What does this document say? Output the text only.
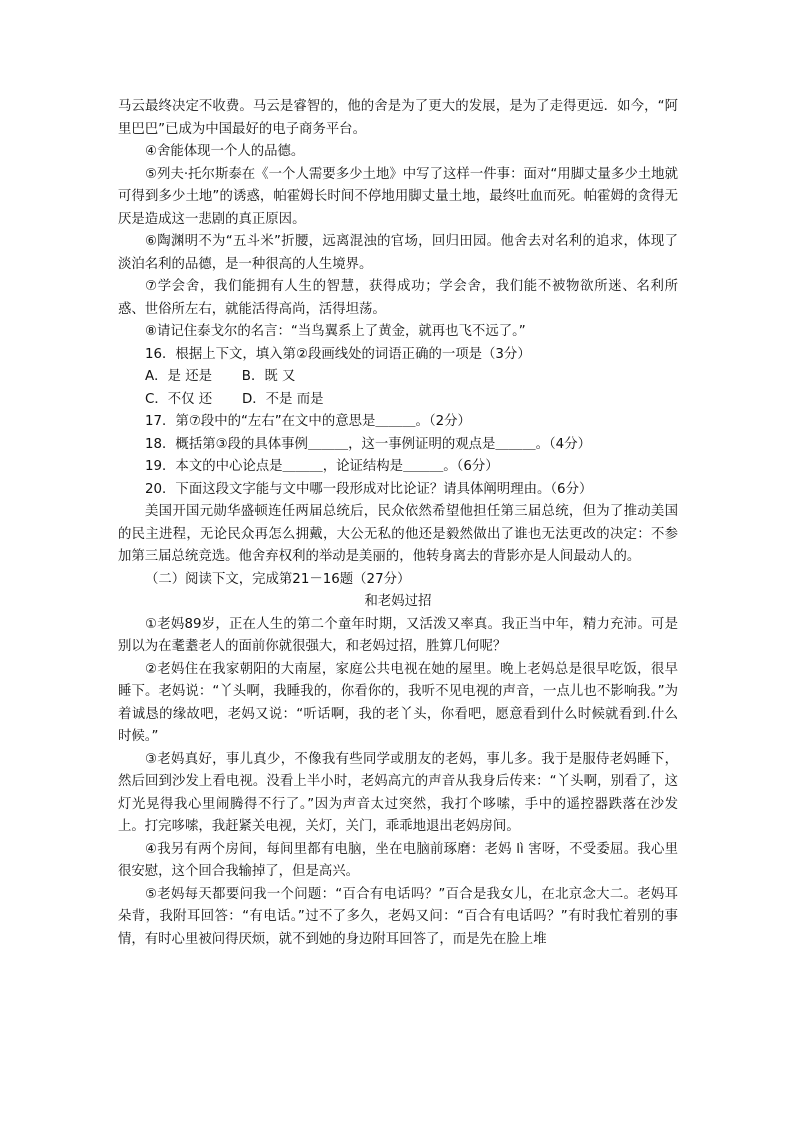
马云最终决定不收费。马云是睿智的，他的舍是为了更大的发展，是为了走得更远．如今，“阿里巴巴”已成为中国最好的电子商务平台。

④舍能体现一个人的品德。

⑤列夫·托尔斯泰在《一个人需要多少土地》中写了这样一件事：面对“用脚丈量多少土地就可得到多少土地”的诱惑，帕霍姆长时间不停地用脚丈量土地，最终吐血而死。帕霍姆的贪得无厌是造成这一悲剧的真正原因。

⑥陶渊明不为“五斗米”折腰，远离混浊的官场，回归田园。他舍去对名利的追求，体现了淡泊名利的品德，是一种很高的人生境界。

⑦学会舍，我们能拥有人生的智慧，获得成功；学会舍，我们能不被物欲所迷、名利所惑、世俗所左右，就能活得高尚，活得坦荡。

⑧请记住泰戈尔的名言：“当鸟翼系上了黄金，就再也飞不远了。”

16．根据上下文，填入第②段画线处的词语正确的一项是（3分）

A．是 还是       B．既 又

C．不仅 还       D．不是 而是

17．第⑦段中的“左右”在文中的意思是＿＿＿。（2分）

18．概括第③段的具体事例＿＿＿，这一事例证明的观点是＿＿＿。（4分）

19．本文的中心论点是＿＿＿，论证结构是＿＿＿。（6分）

20．下面这段文字能与文中哪一段形成对比论证？请具体阐明理由。（6分）

美国开国元勋华盛顿连任两届总统后，民众依然希望他担任第三届总统，但为了推动美国的民主进程，无论民众再怎么拥戴，大公无私的他还是毅然做出了谁也无法更改的决定：不参加第三届总统竞选。他舍弃权利的举动是美丽的，他转身离去的背影亦是人间最动人的。

（二）阅读下文，完成第21－16题（27分）

和老妈过招

①老妈89岁，正在人生的第二个童年时期，又活泼又率真。我正当中年，精力充沛。可是别以为在耄耋老人的面前你就很强大，和老妈过招，胜算几何呢？

②老妈住在我家朝阳的大南屋，家庭公共电视在她的屋里。晚上老妈总是很早吃饭，很早睡下。老妈说：“丫头啊，我睡我的，你看你的，我听不见电视的声音，一点儿也不影响我。”为着诚恳的缘故吧，老妈又说：“听话啊，我的老丫头，你看吧，愿意看到什么时候就看到.什么时候。”

③老妈真好，事儿真少，不像我有些同学或朋友的老妈，事儿多。我于是服侍老妈睡下，然后回到沙发上看电视。没看上半小时，老妈高亢的声音从我身后传来：“丫头啊，别看了，这灯光晃得我心里闹腾得不行了。”因为声音太过突然，我打个哆嗦，手中的遥控器跌落在沙发上。打完哆嗦，我赶紧关电视，关灯，关门，乖乖地退出老妈房间。

④我另有两个房间，每间里都有电脑，坐在电脑前琢磨：老妈 lì 害呀，不受委屈。我心里很安慰，这个回合我输掉了，但是高兴。

⑤老妈每天都要问我一个问题：“百合有电话吗？”百合是我女儿，在北京念大二。老妈耳朵背，我附耳回答：“有电话。”过不了多久，老妈又问：“百合有电话吗？”有时我忙着别的事情，有时心里被问得厌烦，就不到她的身边附耳回答了，而是先在脸上堆
